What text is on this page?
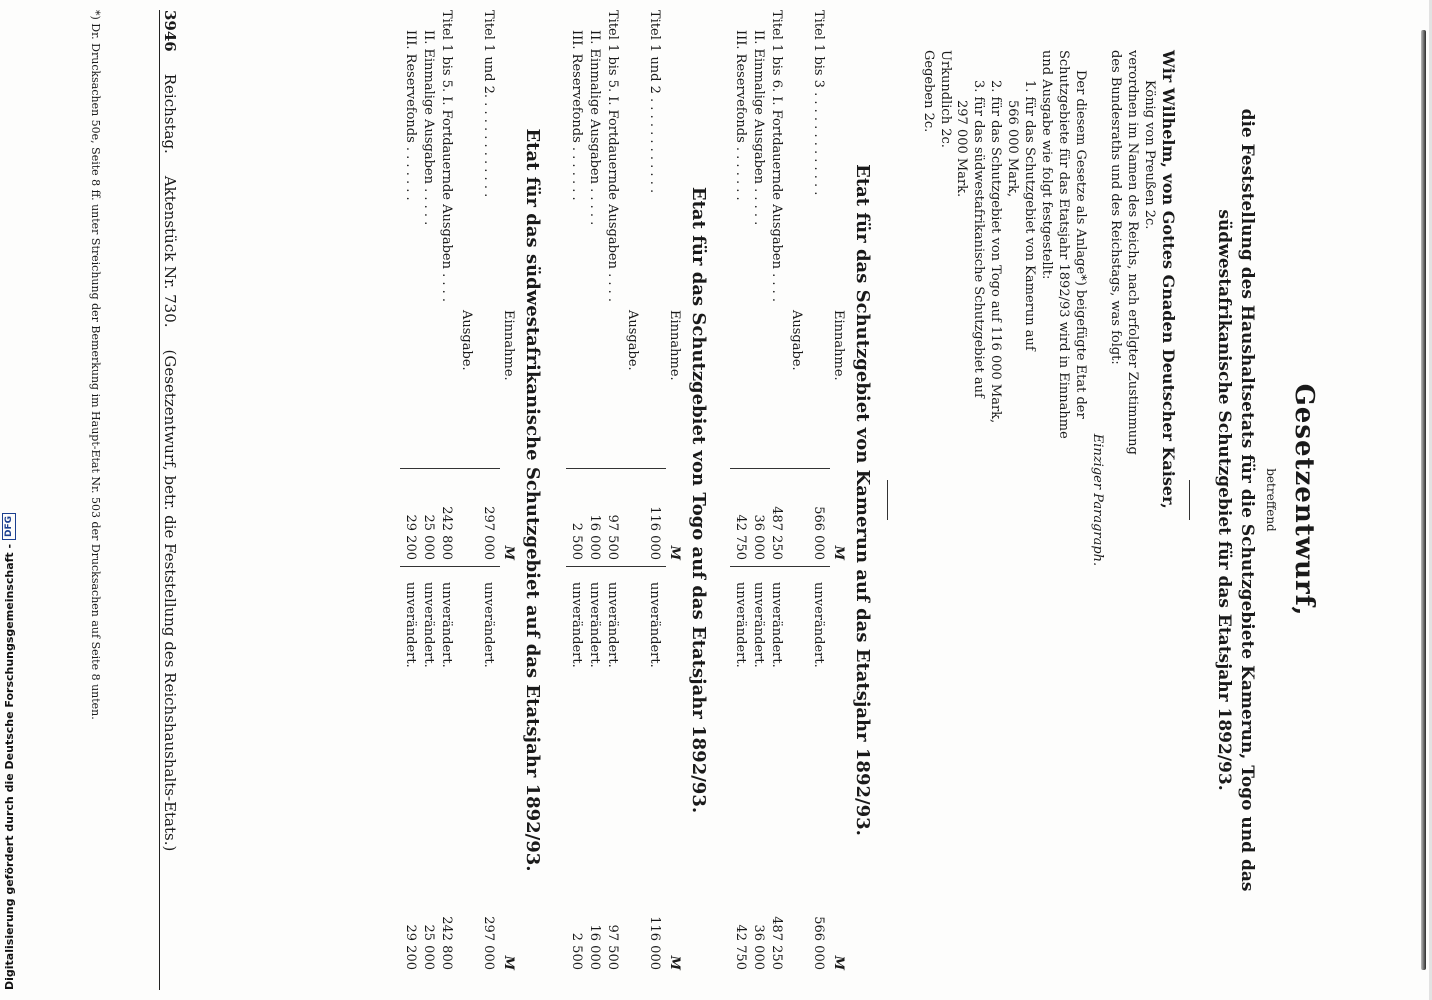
3946
Reichstag.
Aktenstück Nr. 730.
(Gesetzentwurf, betr. die Feststellung des Reichshaushalts-Etats.)	Gesetzentwurf,
betreffend
die Feststellung des Haushaltsetats für die Schutzgebiete Kamerun, Togo und das südwestafrikanische Schutzgebiet für das Etatsjahr 1892/93.
Wir Wilhelm, von Gottes Gnaden Deutscher Kaiser,
König von Preußen 2c.
verordnen im Namen des Reichs, nach erfolgter Zustimmung
des Bundesraths und des Reichstags, was folgt:
Einziger Paragraph.
Der diesem Gesetze als Anlage*) beigefügte Etat der
Schutzgebiete für das Etatsjahr 1892/93 wird in Einnahme
und Ausgabe wie folgt festgestellt:
1. für das Schutzgebiet von Kamerun auf
566 000 Mark,
2. für das Schutzgebiet von Togo auf 116 000 Mark,
3. für das südwestafrikanische Schutzgebiet auf
297 000 Mark.
Urkundlich 2c.
Gegeben 2c.
Etat für das Schutzgebiet von Kamerun auf das Etatsjahr 1892/93.
Einnahme.
M
M
Titel 1 bis 3 . . . . . . . . . . . . .
566 000
unverändert.
566 000
Ausgabe.
Titel 1 bis 6. I. Fortdauernde Ausgaben . . . .
487 250
unverändert.
487 250
II. Einmalige Ausgaben . . . . .
36 000
unverändert.
36 000
III. Reservefonds . . . . . . .
42 750
unverändert.
42 750
Etat für das Schutzgebiet von Togo auf das Etatsjahr 1892/93.
Einnahme.
M
M
Titel 1 und 2 . . . . . . . . . . . .
116 000
unverändert.
116 000
Ausgabe.
Titel 1 bis 5. I. Fortdauernde Ausgaben . . . .
97 500
unverändert.
97 500
II. Einmalige Ausgaben . . . . .
16 000
unverändert.
16 000
III. Reservefonds . . . . . . .
2 500
unverändert.
2 500
Etat für das südwestafrikanische Schutzgebiet auf das Etatsjahr 1892/93.
Einnahme.
M
M
Titel 1 und 2. . . . . . . . . . . . .
297 000
unverändert.
297 000
Ausgabe.
Titel 1 bis 5. I. Fortdauernde Ausgaben . . . .
242 800
unverändert.
242 800
II. Einmalige Ausgaben . . . . .
25 000
unverändert.
25 000
III. Reservefonds . . . . . . .
29 200
unverändert.
29 200
*) Dr. Drucksachen 50e, Seite 8 ff. unter Streichung der Bemerkung im Haupt-Etat Nr. 503 der Drucksachen auf Seite 8 unten.
Digitalisierung gefördert durch die Deutsche Forschungsgemeinschaft -
DFG
